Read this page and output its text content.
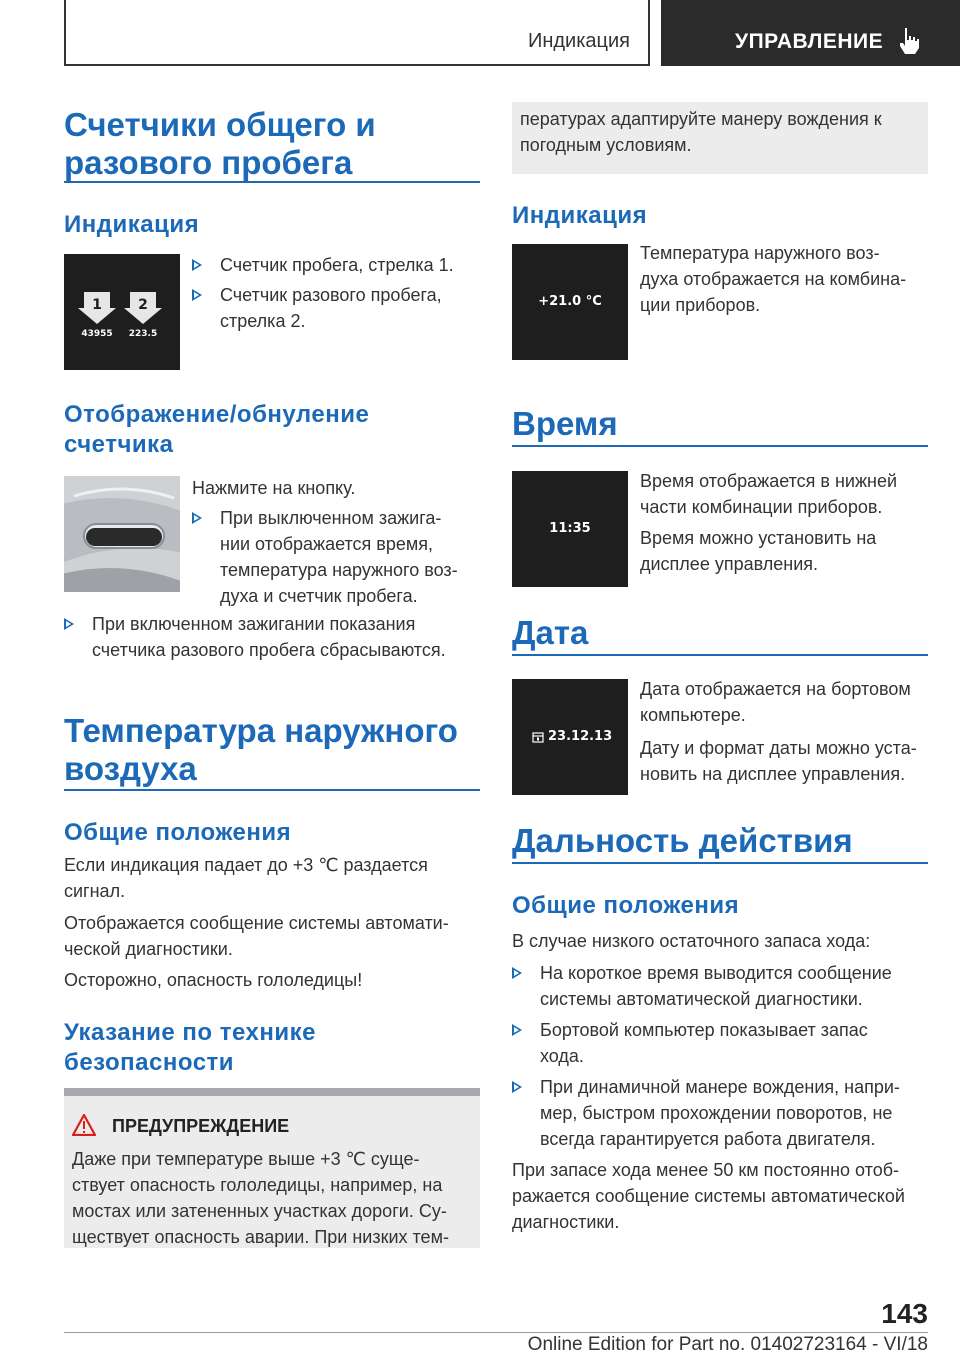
Индикация	УПРАВЛЕНИЕ
Счетчики общего и
разового пробега
Индикация
1	2
43955 223.5
Счетчик пробега, стрелка 1.
Счетчик разового пробега,
стрелка 2.
Отображение/обнуление
счетчика
Нажмите на кнопку.
При выключенном зажига-
нии отображается время,
температура наружного воз-
духа и счетчик пробега.
При включенном зажигании показания
счетчика разового пробега сбрасываются.
Температура наружного
воздуха
Общие положения
Если индикация падает до +3 ℃ раздается
сигнал.
Отображается сообщение системы автомати-
ческой диагностики.
Осторожно, опасность гололедицы!
Указание по технике
безопасности
ПРЕДУПРЕЖДЕНИЕ
Даже при температуре выше +3 ℃ суще-
ствует опасность гололедицы, например, на
мостах или затененных участках дороги. Су-
ществует опасность аварии. При низких тем-
пературах адаптируйте манеру вождения к
погодным условиям.
Индикация
+21.0 °C
Температура наружного воз-
духа отображается на комбина-
ции приборов.
Время
11:35
Время отображается в нижней
части комбинации приборов.
Время можно установить на
дисплее управления.
Дата
23.12.13
Дата отображается на бортовом
компьютере.
Дату и формат даты можно уста-
новить на дисплее управления.
Дальность действия
Общие положения
В случае низкого остаточного запаса хода:
На короткое время выводится сообщение
системы автоматической диагностики.
Бортовой компьютер показывает запас
хода.
При динамичной манере вождения, напри-
мер, быстром прохождении поворотов, не
всегда гарантируется работа двигателя.
При запасе хода менее 50 км постоянно отоб-
ражается сообщение системы автоматической
диагностики.
143
Online Edition for Part no. 01402723164 - VI/18
